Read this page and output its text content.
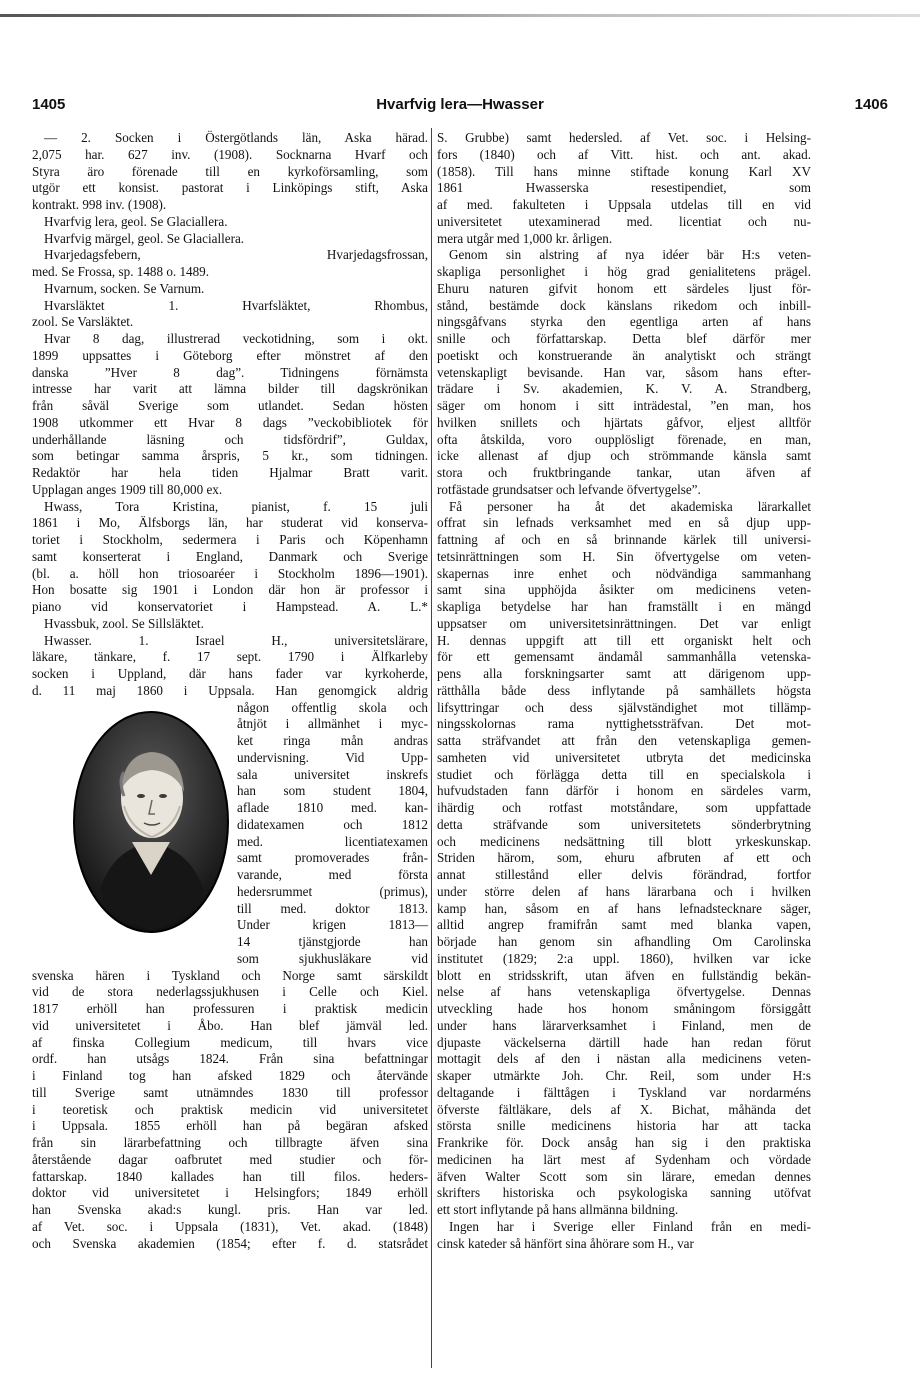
1405	Hvarfvig lera—Hwasser	1406
— 2. Socken i Östergötlands län, Aska härad.
2,075 har. 627 inv. (1908). Socknarna Hvarf och
Styra äro förenade till en kyrkoförsamling, som
utgör ett konsist. pastorat i Linköpings stift, Aska
kontrakt. 998 inv. (1908).
Hvarfvig lera, geol. Se Glaciallera.
Hvarfvig märgel, geol. Se Glaciallera.
Hvarjedagsfebern, Hvarjedagsfrossan,
med. Se Frossa, sp. 1488 o. 1489.
Hvarnum, socken. Se Varnum.
Hvarsläktet 1. Hvarfsläktet, Rhombus,
zool. Se Varsläktet.
Hvar 8 dag, illustrerad veckotidning, som i okt.
1899 uppsattes i Göteborg efter mönstret af den
danska ”Hver 8 dag”. Tidningens förnämsta
intresse har varit att lämna bilder till dagskrönikan
från såväl Sverige som utlandet. Sedan hösten
1908 utkommer ett Hvar 8 dags ”veckobibliotek för
underhållande läsning och tidsfördrif”, Guldax,
som betingar samma årspris, 5 kr., som tidningen.
Redaktör har hela tiden Hjalmar Bratt varit.
Upplagan anges 1909 till 80,000 ex.
Hwass, Tora Kristina, pianist, f. 15 juli
1861 i Mo, Älfsborgs län, har studerat vid konserva-
toriet i Stockholm, sedermera i Paris och Köpenhamn
samt konserterat i England, Danmark och Sverige
(bl. a. höll hon triosoaréer i Stockholm 1896—1901).
Hon bosatte sig 1901 i London där hon är professor i
piano vid konservatoriet i Hampstead. A. L.*
Hvassbuk, zool. Se Sillsläktet.
Hwasser. 1. Israel H., universitetslärare,
läkare, tänkare, f. 17 sept. 1790 i Älfkarleby
socken i Uppland, där hans fader var kyrkoherde,
d. 11 maj 1860 i Uppsala. Han genomgick aldrig
någon offentlig skola och
åtnjöt i allmänhet i myc-
ket ringa mån andras
undervisning. Vid Upp-
sala universitet inskrefs
han som student 1804,
aflade 1810 med. kan-
didatexamen och 1812
med. licentiatexamen
samt promoverades från-
varande, med första
hedersrummet (primus),
till med. doktor 1813.
Under krigen 1813—
14 tjänstgjorde han
som sjukhusläkare vid
svenska hären i Tyskland och Norge samt särskildt
vid de stora nederlagssjukhusen i Celle och Kiel.
1817 erhöll han professuren i praktisk medicin
vid universitetet i Åbo. Han blef jämväl led.
af finska Collegium medicum, till hvars vice
ordf. han utsågs 1824. Från sina befattningar
i Finland tog han afsked 1829 och återvände
till Sverige samt utnämndes 1830 till professor
i teoretisk och praktisk medicin vid universitetet
i Uppsala. 1855 erhöll han på begäran afsked
från sin lärarbefattning och tillbragte äfven sina
återstående dagar oafbrutet med studier och för-
fattarskap. 1840 kallades han till filos. heders-
doktor vid universitetet i Helsingfors; 1849 erhöll
han Svenska akad:s kungl. pris. Han var led.
af Vet. soc. i Uppsala (1831), Vet. akad. (1848)
och Svenska akademien (1854; efter f. d. statsrådet
S. Grubbe) samt hedersled. af Vet. soc. i Helsing-
fors (1840) och af Vitt. hist. och ant. akad.
(1858). Till hans minne stiftade konung Karl XV
1861 Hwasserska resestipendiet, som
af med. fakulteten i Uppsala utdelas till en vid
universitetet utexaminerad med. licentiat och nu-
mera utgår med 1,000 kr. årligen.
Genom sin alstring af nya idéer bär H:s veten-
skapliga personlighet i hög grad genialitetens prägel.
Ehuru naturen gifvit honom ett särdeles ljust för-
stånd, bestämde dock känslans rikedom och inbill-
ningsgåfvans styrka den egentliga arten af hans
snille och författarskap. Detta blef därför mer
poetiskt och konstruerande än analytiskt och strängt
vetenskapligt bevisande. Han var, såsom hans efter-
trädare i Sv. akademien, K. V. A. Strandberg,
säger om honom i sitt inträdestal, ”en man, hos
hvilken snillets och hjärtats gåfvor, eljest alltför
ofta åtskilda, voro oupplösligt förenade, en man,
icke allenast af djup och strömmande känsla samt
stora och fruktbringande tankar, utan äfven af
rotfästade grundsatser och lefvande öfvertygelse”.
Få personer ha åt det akademiska lärarkallet
offrat sin lefnads verksamhet med en så djup upp-
fattning af och en så brinnande kärlek till universi-
tetsinrättningen som H. Sin öfvertygelse om veten-
skapernas inre enhet och nödvändiga sammanhang
samt sina upphöjda åsikter om medicinens veten-
skapliga betydelse har han framställt i en mängd
uppsatser om universitetsinrättningen. Det var enligt
H. dennas uppgift att till ett organiskt helt och
för ett gemensamt ändamål sammanhålla vetenska-
pens alla forskningsarter samt att därigenom upp-
rätthålla både dess inflytande på samhällets högsta
lifsyttringar och dess självständighet mot tillämp-
ningsskolornas rama nyttighetssträfvan. Det mot-
satta sträfvandet att från den vetenskapliga gemen-
samheten vid universitetet utbryta det medicinska
studiet och förlägga detta till en specialskola i
hufvudstaden fann därför i honom en särdeles varm,
ihärdig och rotfast motståndare, som uppfattade
detta sträfvande som universitetets sönderbrytning
och medicinens nedsättning till blott yrkeskunskap.
Striden härom, som, ehuru afbruten af ett och
annat stillestånd eller delvis förändrad, fortfor
under större delen af hans lärarbana och i hvilken
kamp han, såsom en af hans lefnadstecknare säger,
alltid angrep framifrån samt med blanka vapen,
började han genom sin afhandling Om Carolinska
institutet (1829; 2:a uppl. 1860), hvilken var icke
blott en stridsskrift, utan äfven en fullständig bekän-
nelse af hans vetenskapliga öfvertygelse. Dennas
utveckling hade hos honom småningom försiggått
under hans lärarverksamhet i Finland, men de
djupaste väckelserna därtill hade han redan förut
mottagit dels af den i nästan alla medicinens veten-
skaper utmärkte Joh. Chr. Reil, som under H:s
deltagande i fälttågen i Tyskland var nordarméns
öfverste fältläkare, dels af X. Bichat, måhända det
största snille medicinens historia har att tacka
Frankrike för. Dock ansåg han sig i den praktiska
medicinen ha lärt mest af Sydenham och vördade
äfven Walter Scott som sin lärare, emedan dennes
skrifters historiska och psykologiska sanning utöfvat
ett stort inflytande på hans allmänna bildning.
Ingen har i Sverige eller Finland från en medi-
cinsk kateder så hänfört sina åhörare som H., var
